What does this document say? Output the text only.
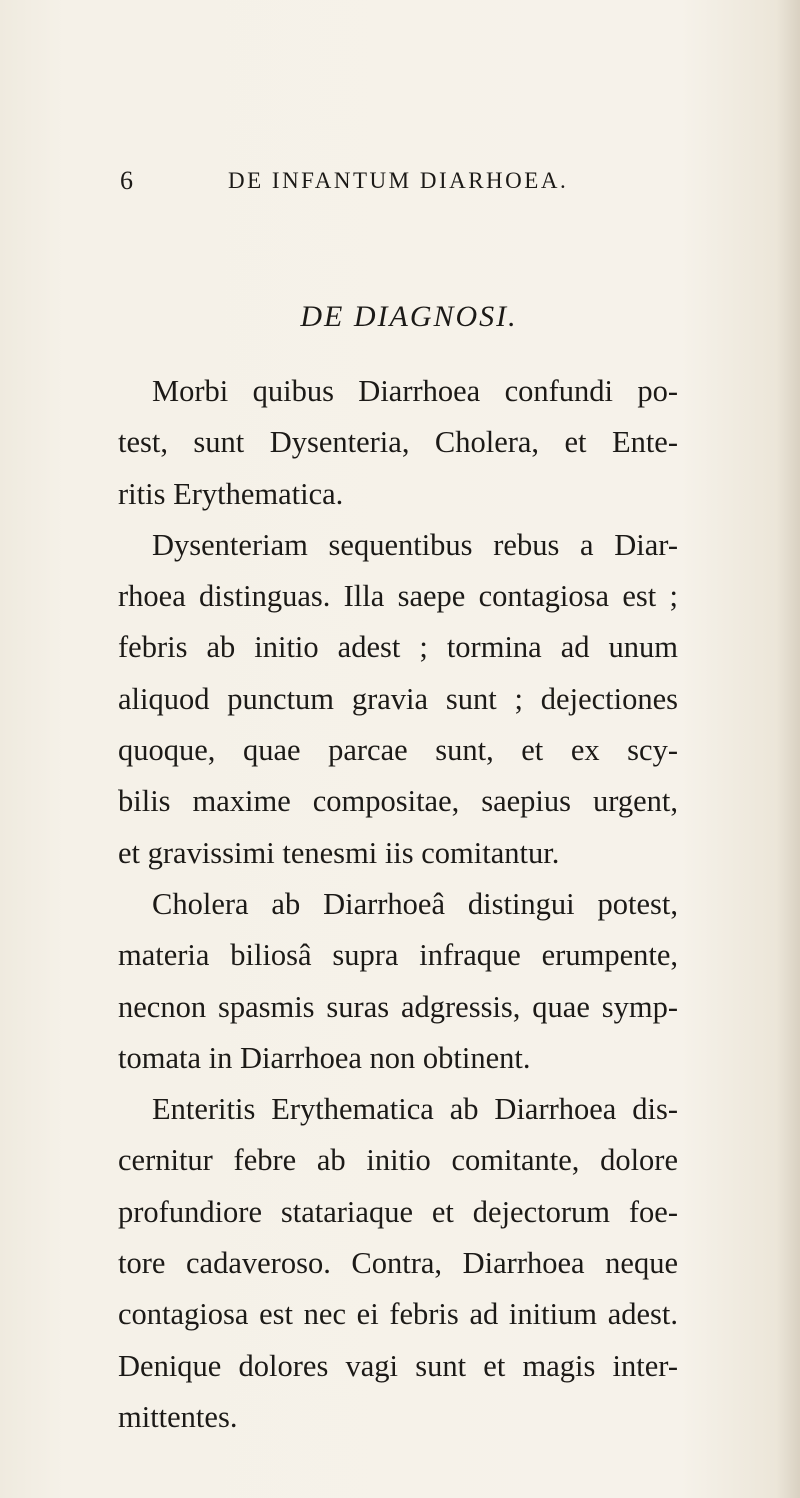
6	DE INFANTUM DIARHOEA.
DE DIAGNOSI.

Morbi quibus Diarrhoea confundi po-
test, sunt Dysenteria, Cholera, et Ente-
ritis Erythematica.

Dysenteriam sequentibus rebus a Diar-
rhoea distinguas. Illa saepe contagiosa est ;
febris ab initio adest ; tormina ad unum
aliquod punctum gravia sunt ; dejectiones
quoque, quae parcae sunt, et ex scy-
bilis maxime compositae, saepius urgent,
et gravissimi tenesmi iis comitantur.

Cholera ab Diarrhoeâ distingui potest,
materia biliosâ supra infraque erumpente,
necnon spasmis suras adgressis, quae symp-
tomata in Diarrhoea non obtinent.

Enteritis Erythematica ab Diarrhoea dis-
cernitur febre ab initio comitante, dolore
profundiore statariaque et dejectorum foe-
tore cadaveroso. Contra, Diarrhoea neque
contagiosa est nec ei febris ad initium adest.
Denique dolores vagi sunt et magis inter-
mittentes.
